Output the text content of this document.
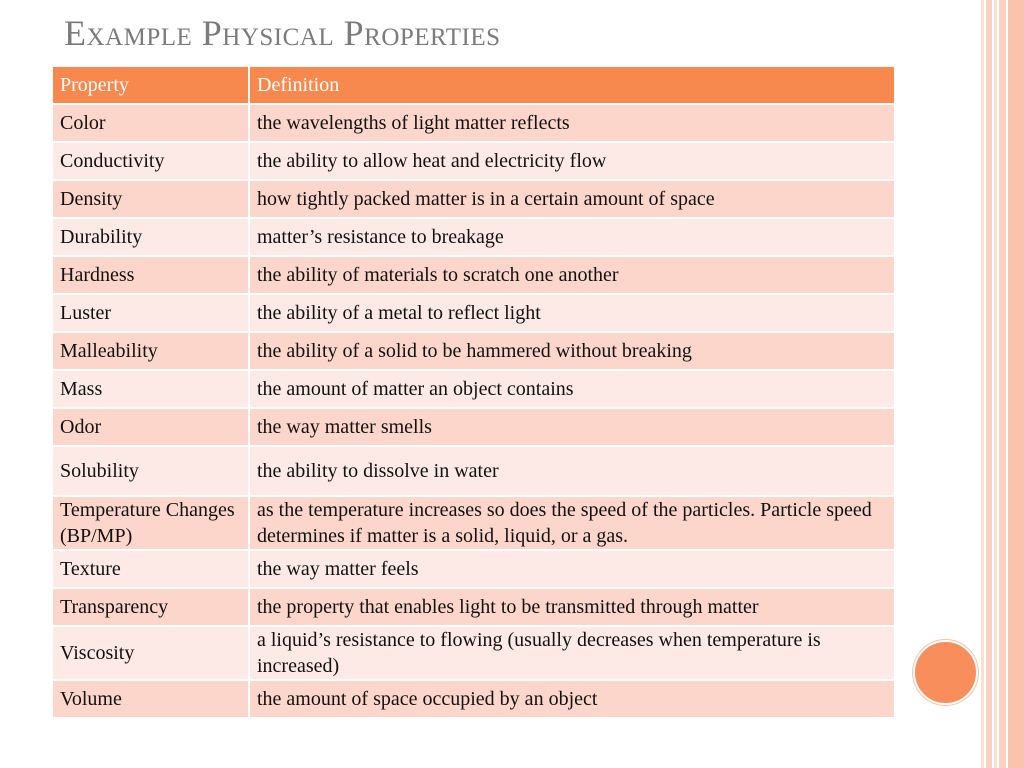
Example Physical Properties
Property	Definition
Color	the wavelengths of light matter reflects
Conductivity	the ability to allow heat and electricity flow
Density	how tightly packed matter is in a certain amount of space
Durability	matter’s resistance to breakage
Hardness	the ability of materials to scratch one another
Luster	the ability of a metal to reflect light
Malleability	the ability of a solid to be hammered without breaking
Mass	the amount of matter an object contains
Odor	the way matter smells
Solubility	the ability to dissolve in water
Temperature Changes (BP/MP)	as the temperature increases so does the speed of the particles. Particle speed determines if matter is a solid, liquid, or a gas.
Texture	the way matter feels
Transparency	the property that enables light to be transmitted through matter
Viscosity	a liquid’s resistance to flowing (usually decreases when temperature is increased)
Volume	the amount of space occupied by an object
